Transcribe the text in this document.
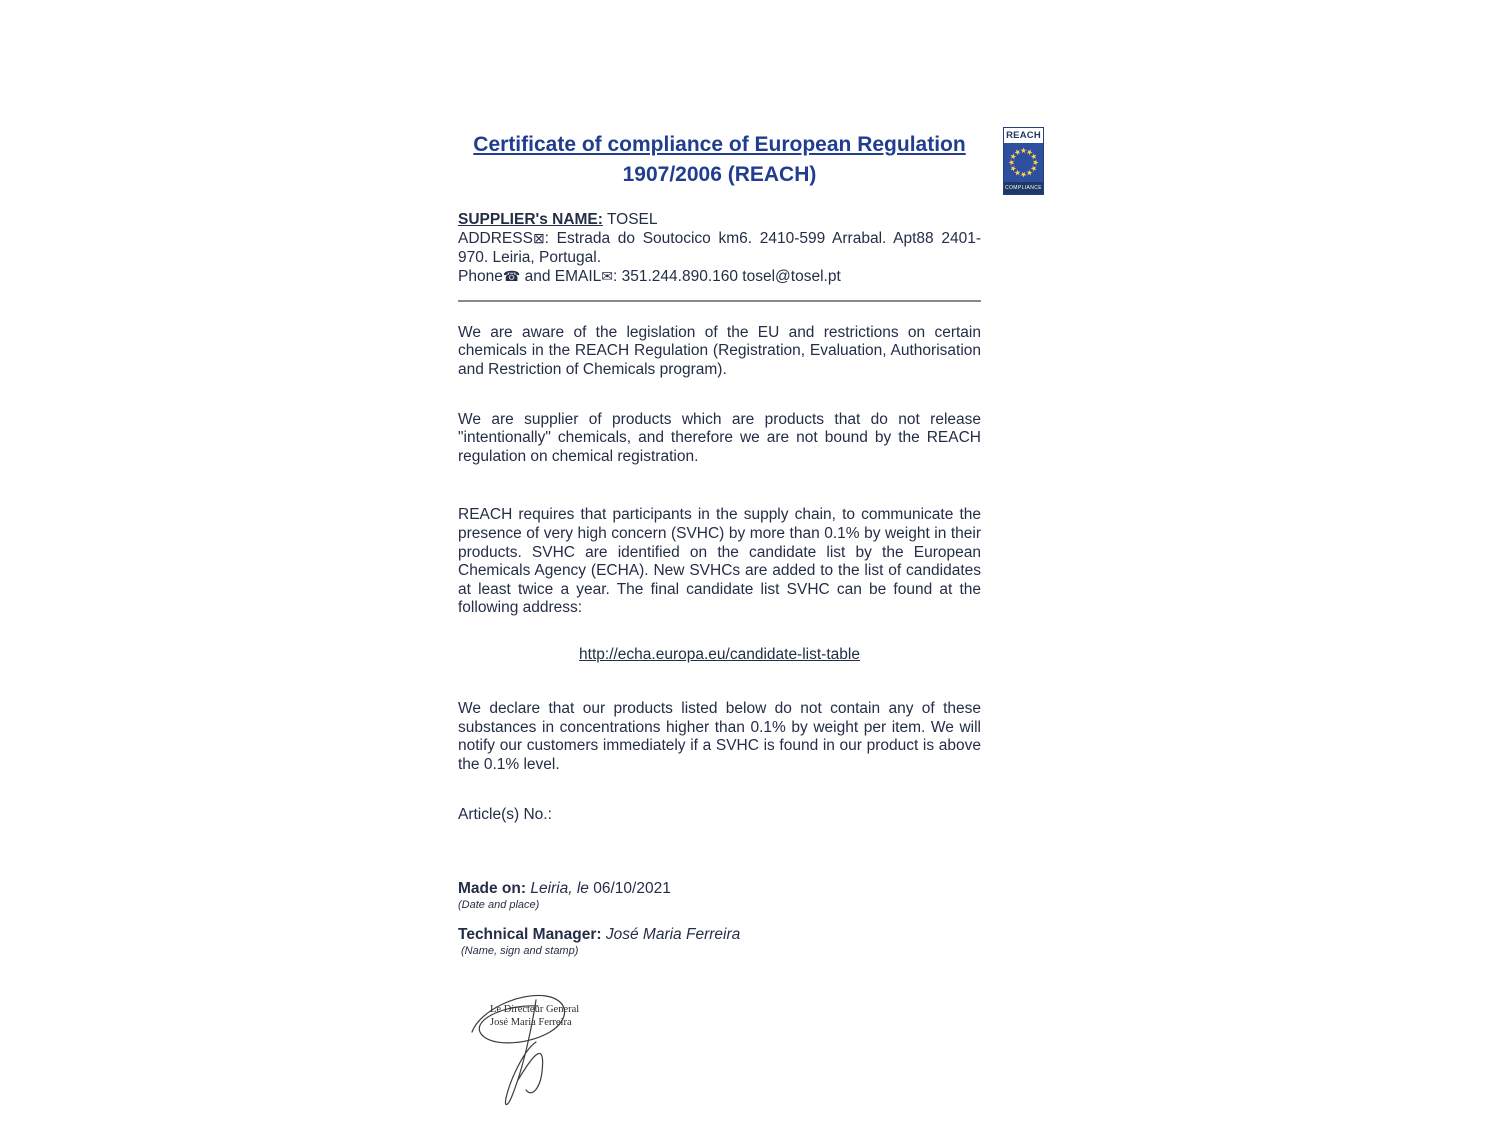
Certificate of compliance of European Regulation
1907/2006 (REACH)
SUPPLIER's NAME: TOSEL
ADDRESS⊠: Estrada do Soutocico km6. 2410-599 Arrabal. Apt88 2401-970. Leiria, Portugal.
Phone☎ and EMAIL✉: 351.244.890.160 tosel@tosel.pt
We are aware of the legislation of the EU and restrictions on certain chemicals in the REACH Regulation (Registration, Evaluation, Authorisation and Restriction of Chemicals program).
We are supplier of products which are products that do not release "intentionally" chemicals, and therefore we are not bound by the REACH regulation on chemical registration.
REACH requires that participants in the supply chain, to communicate the presence of very high concern (SVHC) by more than 0.1% by weight in their products. SVHC are identified on the candidate list by the European Chemicals Agency (ECHA). New SVHCs are added to the list of candidates at least twice a year. The final candidate list SVHC can be found at the following address:
http://echa.europa.eu/candidate-list-table
We declare that our products listed below do not contain any of these substances in concentrations higher than 0.1% by weight per item. We will notify our customers immediately if a SVHC is found in our product is above the 0.1% level.
Article(s) No.:
Made on: Leiria, le 06/10/2021
(Date and place)
Technical Manager: José Maria Ferreira
(Name, sign and stamp)
Le Directeur General
José Maria Ferreira
REACH
COMPLIANCE
